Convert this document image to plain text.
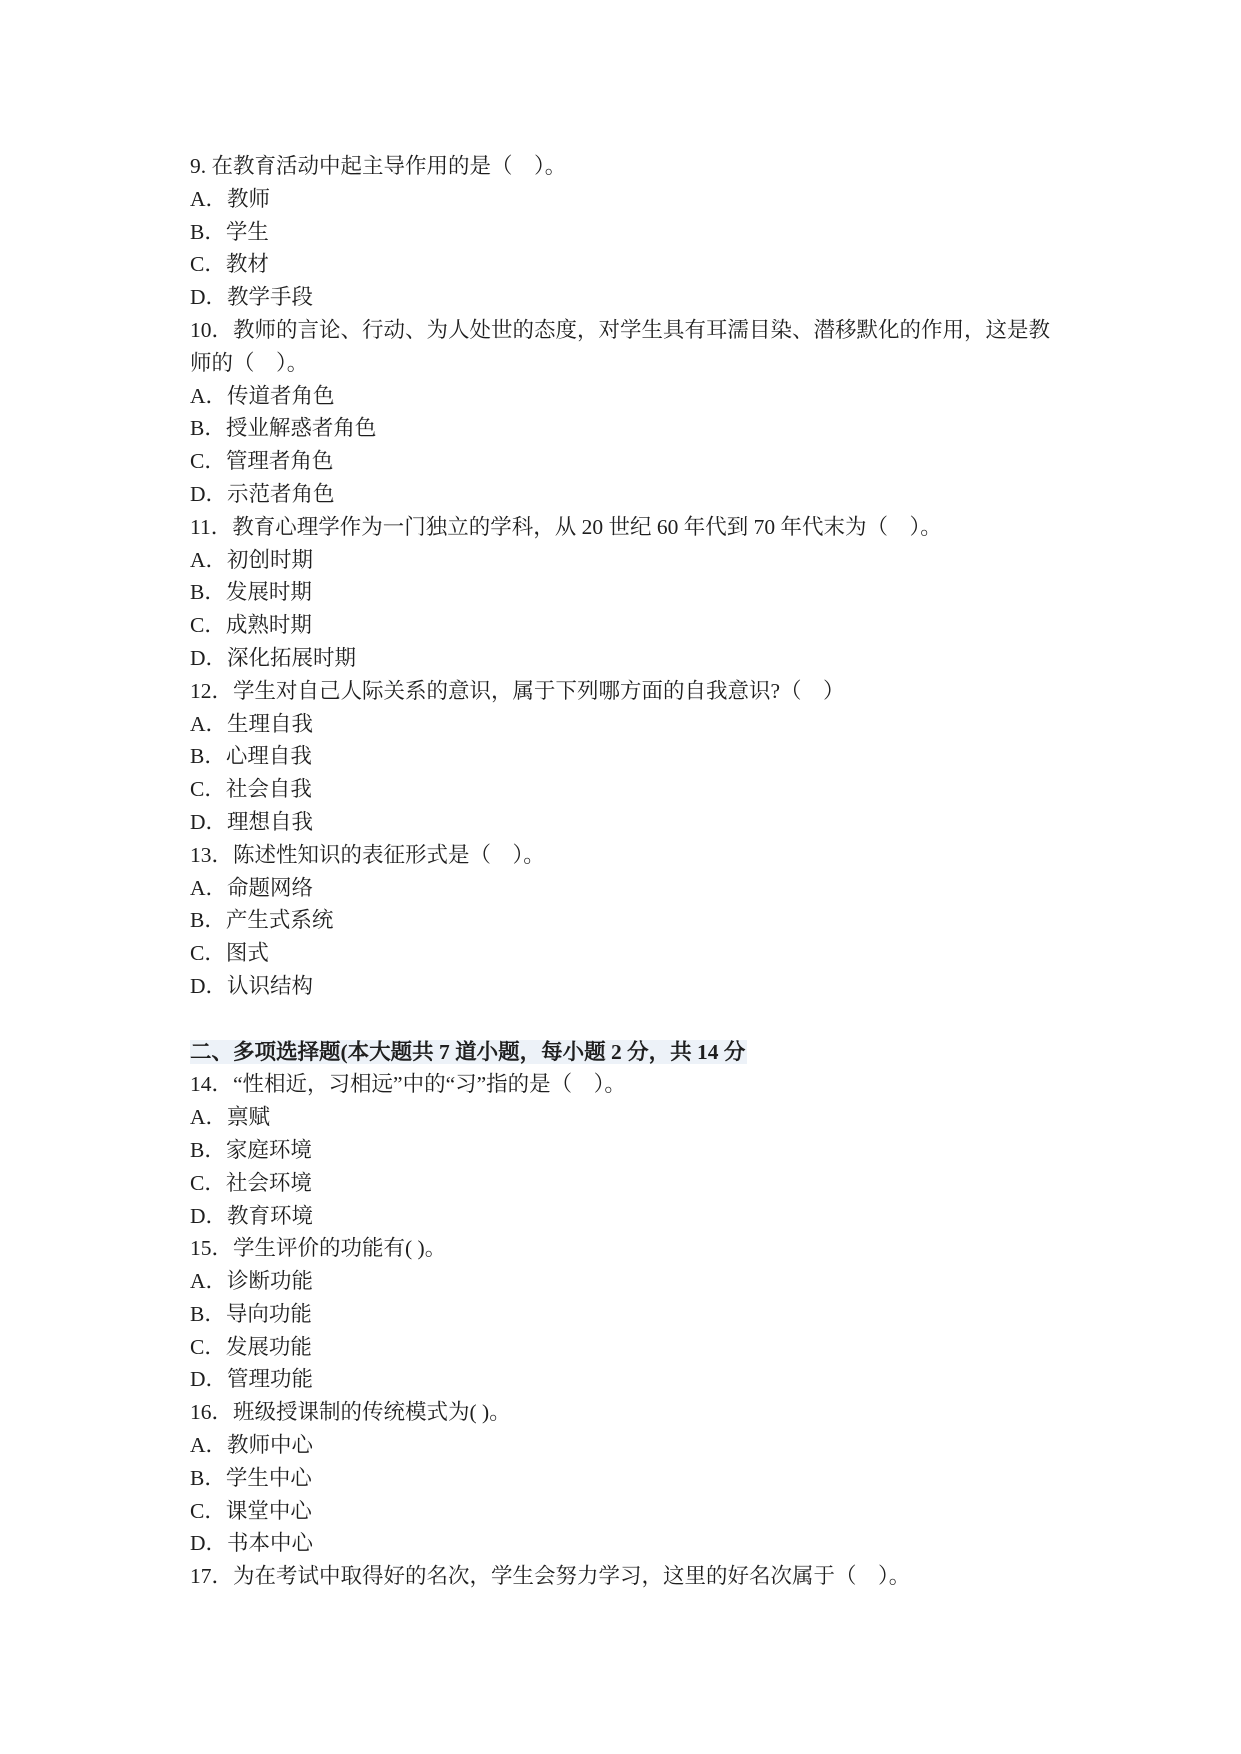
9. 在教育活动中起主导作用的是（    ）。
A．教师
B．学生
C．教材
D．教学手段
10．教师的言论、行动、为人处世的态度，对学生具有耳濡目染、潜移默化的作用，这是教师的（    ）。
A．传道者角色
B．授业解惑者角色
C．管理者角色
D．示范者角色
11．教育心理学作为一门独立的学科，从 20 世纪 60 年代到 70 年代末为（    ）。
A．初创时期
B．发展时期
C．成熟时期
D．深化拓展时期
12．学生对自己人际关系的意识，属于下列哪方面的自我意识?（    ）
A．生理自我
B．心理自我
C．社会自我
D．理想自我
13．陈述性知识的表征形式是（    ）。
A．命题网络
B．产生式系统
C．图式
D．认识结构
二、多项选择题(本大题共 7 道小题，每小题 2 分，共 14 分
14．“性相近，习相远”中的“习”指的是（    ）。
A．禀赋
B．家庭环境
C．社会环境
D．教育环境
15．学生评价的功能有( )。
A．诊断功能
B．导向功能
C．发展功能
D．管理功能
16．班级授课制的传统模式为( )。
A．教师中心
B．学生中心
C．课堂中心
D．书本中心
17．为在考试中取得好的名次，学生会努力学习，这里的好名次属于（    ）。
